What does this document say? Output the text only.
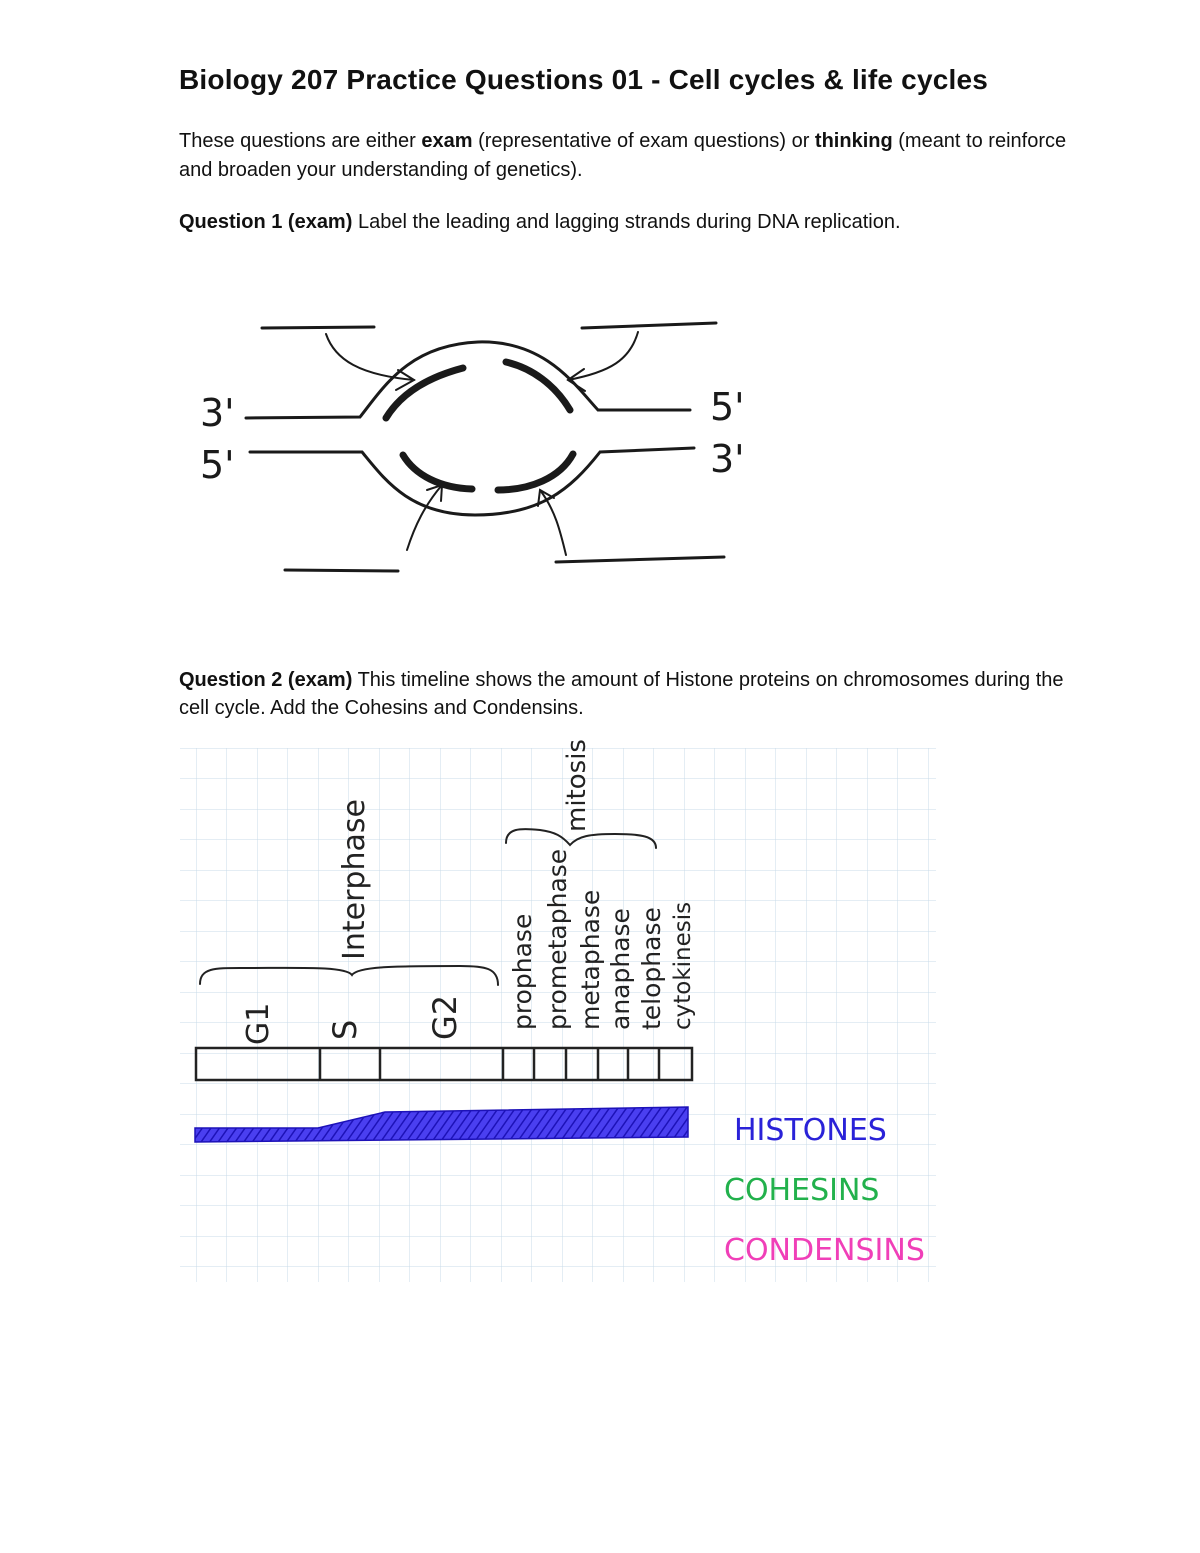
Biology 207 Practice Questions 01 - Cell cycles & life cycles
These questions are either exam (representative of exam questions) or thinking (meant to reinforce and broaden your understanding of genetics).
Question 1 (exam) Label the leading and lagging strands during DNA replication.
Question 2 (exam) This timeline shows the amount of Histone proteins on chromosomes during the cell cycle. Add the Cohesins and Condensins.
3'
5'
5'
3'
G1 S G2
Interphase
mitosis
prophase prometaphase metaphase anaphase telophase cytokinesis
HISTONES
COHESINS
CONDENSINS
